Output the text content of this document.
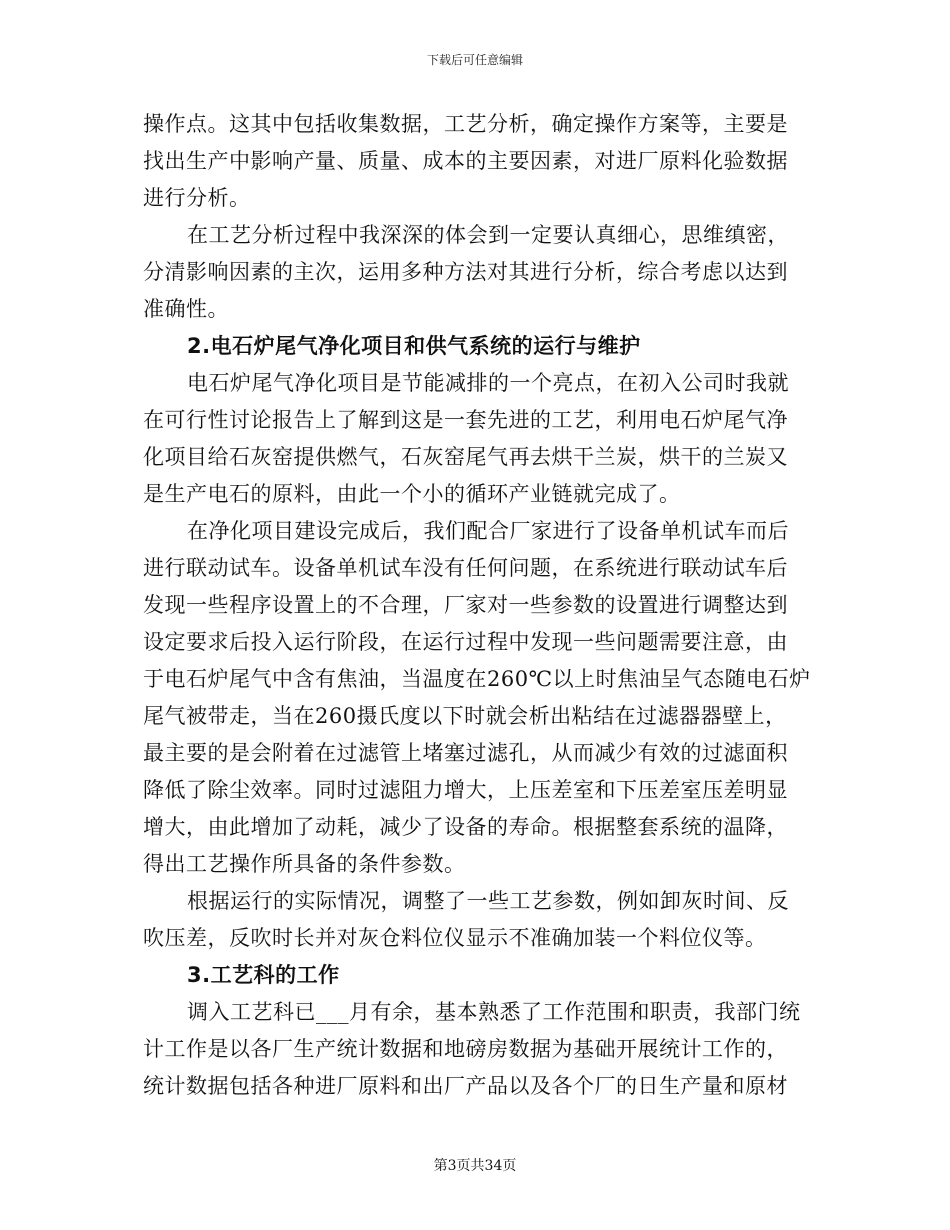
下载后可任意编辑
操作点。这其中包括收集数据，工艺分析，确定操作方案等，主要是
找出生产中影响产量、质量、成本的主要因素，对进厂原料化验数据
进行分析。
在工艺分析过程中我深深的体会到一定要认真细心，思维缜密，
分清影响因素的主次，运用多种方法对其进行分析，综合考虑以达到
准确性。
2.电石炉尾气净化项目和供气系统的运行与维护
电石炉尾气净化项目是节能减排的一个亮点，在初入公司时我就
在可行性讨论报告上了解到这是一套先进的工艺，利用电石炉尾气净
化项目给石灰窑提供燃气，石灰窑尾气再去烘干兰炭，烘干的兰炭又
是生产电石的原料，由此一个小的循环产业链就完成了。
在净化项目建设完成后，我们配合厂家进行了设备单机试车而后
进行联动试车。设备单机试车没有任何问题，在系统进行联动试车后
发现一些程序设置上的不合理，厂家对一些参数的设置进行调整达到
设定要求后投入运行阶段，在运行过程中发现一些问题需要注意，由
于电石炉尾气中含有焦油，当温度在260℃以上时焦油呈气态随电石炉
尾气被带走，当在260摄氏度以下时就会析出粘结在过滤器器壁上，
最主要的是会附着在过滤管上堵塞过滤孔，从而减少有效的过滤面积
降低了除尘效率。同时过滤阻力增大，上压差室和下压差室压差明显
增大，由此增加了动耗，减少了设备的寿命。根据整套系统的温降，
得出工艺操作所具备的条件参数。
根据运行的实际情况，调整了一些工艺参数，例如卸灰时间、反
吹压差，反吹时长并对灰仓料位仪显示不准确加装一个料位仪等。
3.工艺科的工作
调入工艺科已___月有余，基本熟悉了工作范围和职责，我部门统
计工作是以各厂生产统计数据和地磅房数据为基础开展统计工作的，
统计数据包括各种进厂原料和出厂产品以及各个厂的日生产量和原材
第3页共34页
